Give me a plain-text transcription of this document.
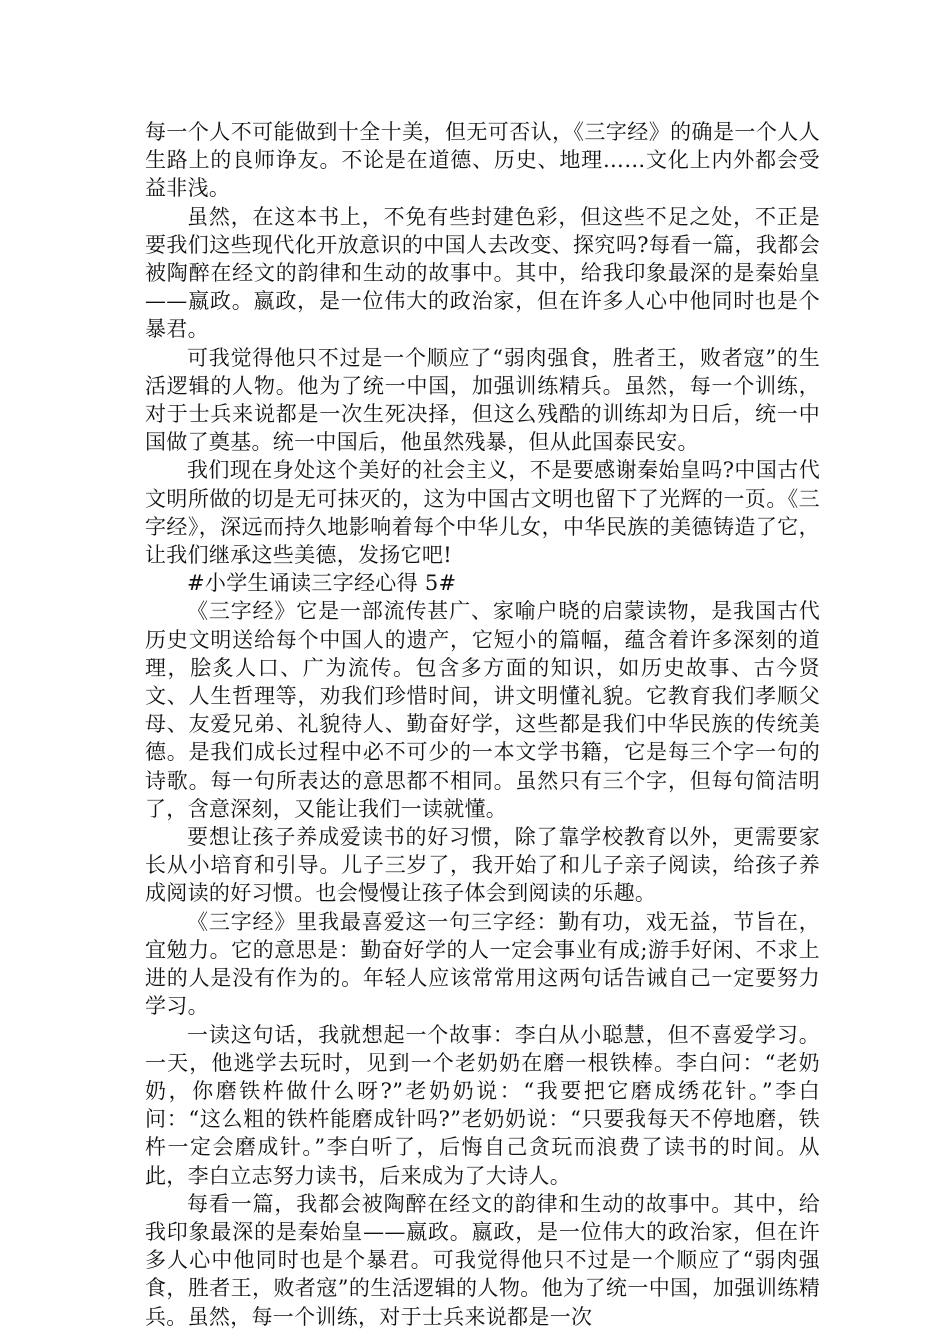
每一个人不可能做到十全十美，但无可否认，《三字经》的确是一个人人生路上的良师诤友。不论是在道德、历史、地理……文化上内外都会受益非浅。

虽然，在这本书上，不免有些封建色彩，但这些不足之处，不正是要我们这些现代化开放意识的中国人去改变、探究吗?每看一篇，我都会被陶醉在经文的韵律和生动的故事中。其中，给我印象最深的是秦始皇——嬴政。嬴政，是一位伟大的政治家，但在许多人心中他同时也是个暴君。

可我觉得他只不过是一个顺应了“弱肉强食，胜者王，败者寇”的生活逻辑的人物。他为了统一中国，加强训练精兵。虽然，每一个训练，对于士兵来说都是一次生死决择，但这么残酷的训练却为日后，统一中国做了奠基。统一中国后，他虽然残暴，但从此国泰民安。

我们现在身处这个美好的社会主义，不是要感谢秦始皇吗?中国古代文明所做的切是无可抹灭的，这为中国古文明也留下了光辉的一页。《三字经》，深远而持久地影响着每个中华儿女，中华民族的美德铸造了它，让我们继承这些美德，发扬它吧!

#小学生诵读三字经心得 5#

《三字经》它是一部流传甚广、家喻户晓的启蒙读物，是我国古代历史文明送给每个中国人的遗产，它短小的篇幅，蕴含着许多深刻的道理，脍炙人口、广为流传。包含多方面的知识，如历史故事、古今贤文、人生哲理等，劝我们珍惜时间，讲文明懂礼貌。它教育我们孝顺父母、友爱兄弟、礼貌待人、勤奋好学，这些都是我们中华民族的传统美德。是我们成长过程中必不可少的一本文学书籍，它是每三个字一句的诗歌。每一句所表达的意思都不相同。虽然只有三个字，但每句简洁明了，含意深刻，又能让我们一读就懂。

要想让孩子养成爱读书的好习惯，除了靠学校教育以外，更需要家长从小培育和引导。儿子三岁了，我开始了和儿子亲子阅读，给孩子养成阅读的好习惯。也会慢慢让孩子体会到阅读的乐趣。

《三字经》里我最喜爱这一句三字经：勤有功，戏无益，节旨在，宜勉力。它的意思是：勤奋好学的人一定会事业有成;游手好闲、不求上进的人是没有作为的。年轻人应该常常用这两句话告诫自己一定要努力学习。

一读这句话，我就想起一个故事：李白从小聪慧，但不喜爱学习。一天，他逃学去玩时，见到一个老奶奶在磨一根铁棒。李白问：“老奶奶，你磨铁杵做什么呀?”老奶奶说：“我要把它磨成绣花针。”李白问：“这么粗的铁杵能磨成针吗?”老奶奶说：“只要我每天不停地磨，铁杵一定会磨成针。”李白听了，后悔自己贪玩而浪费了读书的时间。从此，李白立志努力读书，后来成为了大诗人。

每看一篇，我都会被陶醉在经文的韵律和生动的故事中。其中，给我印象最深的是秦始皇——嬴政。嬴政，是一位伟大的政治家，但在许多人心中他同时也是个暴君。可我觉得他只不过是一个顺应了“弱肉强食，胜者王，败者寇”的生活逻辑的人物。他为了统一中国，加强训练精兵。虽然，每一个训练，对于士兵来说都是一次
